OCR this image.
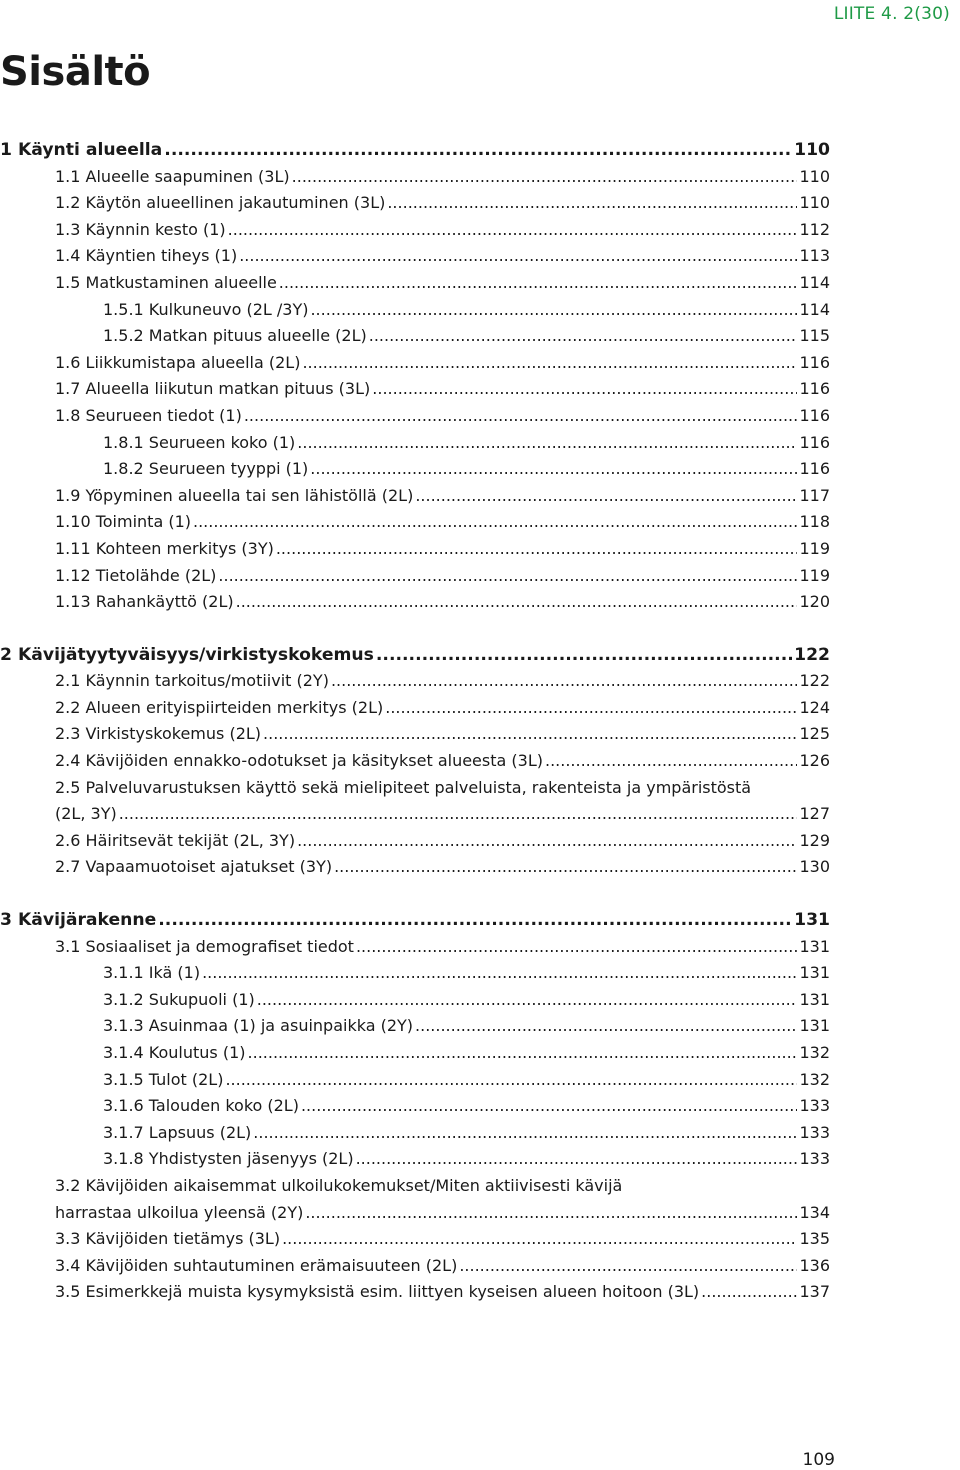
LIITE 4. 2(30)
Sisältö
1 Käynti alueella .....	110
1.1 Alueelle saapuminen (3L) .....	110
1.2 Käytön alueellinen jakautuminen (3L) .....	110
1.3 Käynnin kesto (1) .....	112
1.4 Käyntien tiheys (1) .....	113
1.5 Matkustaminen alueelle .....	114
1.5.1 Kulkuneuvo (2L /3Y) .....	114
1.5.2 Matkan pituus alueelle (2L) .....	115
1.6 Liikkumistapa alueella (2L) .....	116
1.7 Alueella liikutun matkan pituus (3L) .....	116
1.8 Seurueen tiedot (1) .....	116
1.8.1 Seurueen koko (1) .....	116
1.8.2 Seurueen tyyppi (1) .....	116
1.9 Yöpyminen alueella tai sen lähistöllä (2L) .....	117
1.10 Toiminta (1) .....	118
1.11 Kohteen merkitys (3Y) .....	119
1.12 Tietolähde (2L) .....	119
1.13 Rahankäyttö (2L) .....	120
2 Kävijätyytyväisyys/virkistyskokemus .....	122
2.1 Käynnin tarkoitus/motiivit (2Y) .....	122
2.2 Alueen erityispiirteiden merkitys (2L) .....	124
2.3 Virkistyskokemus (2L) .....	125
2.4 Kävijöiden ennakko-odotukset ja käsitykset alueesta (3L) .....	126
2.5 Palveluvarustuksen käyttö sekä mielipiteet palveluista, rakenteista ja ympäristöstä
(2L, 3Y) .....	127
2.6 Häiritsevät tekijät (2L, 3Y) .....	129
2.7 Vapaamuotoiset ajatukset (3Y) .....	130
3 Kävijärakenne .....	131
3.1 Sosiaaliset ja demografiset tiedot .....	131
3.1.1 Ikä (1) .....	131
3.1.2 Sukupuoli (1) .....	131
3.1.3 Asuinmaa (1) ja asuinpaikka (2Y) .....	131
3.1.4 Koulutus (1) .....	132
3.1.5 Tulot (2L) .....	132
3.1.6 Talouden koko (2L) .....	133
3.1.7 Lapsuus (2L) .....	133
3.1.8 Yhdistysten jäsenyys (2L) .....	133
3.2 Kävijöiden aikaisemmat ulkoilukokemukset/Miten aktiivisesti kävijä
harrastaa ulkoilua yleensä (2Y) .....	134
3.3 Kävijöiden tietämys (3L) .....	135
3.4 Kävijöiden suhtautuminen erämaisuuteen (2L) .....	136
3.5 Esimerkkejä muista kysymyksistä esim. liittyen kyseisen alueen hoitoon (3L) .....	137
109
